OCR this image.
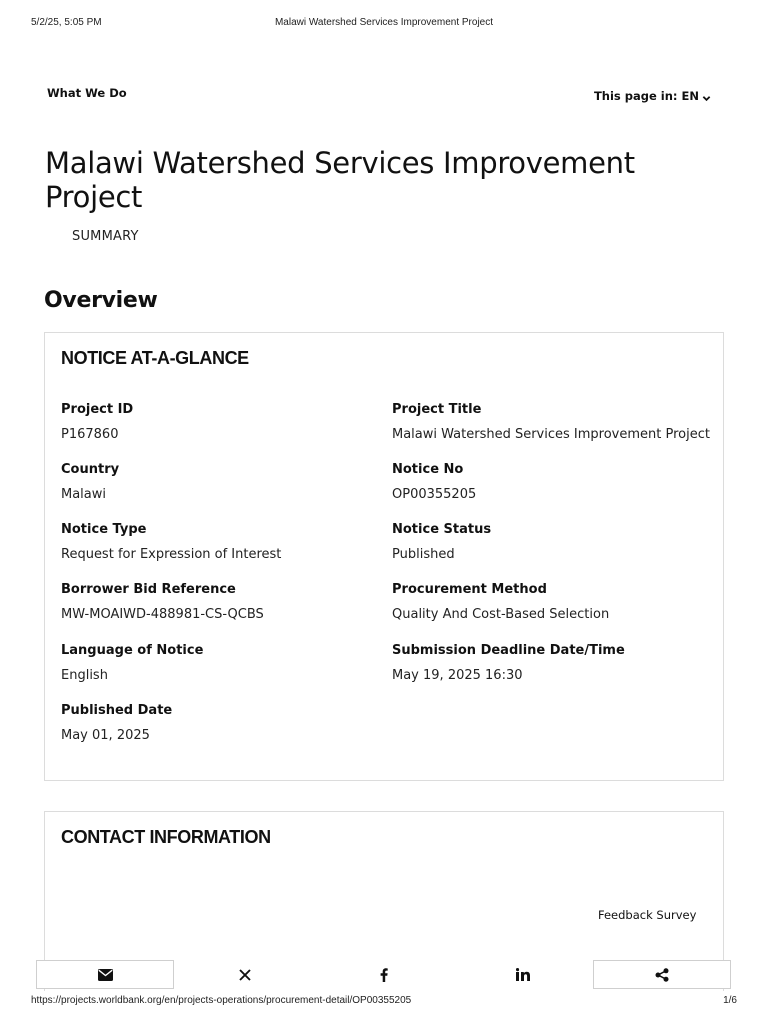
5/2/25, 5:05 PM	Malawi Watershed Services Improvement Project
What We Do	This page in: EN
Malawi Watershed Services Improvement Project
SUMMARY
Overview
NOTICE AT-A-GLANCE
Project ID
P167860
Project Title
Malawi Watershed Services Improvement Project
Country
Malawi
Notice No
OP00355205
Notice Type
Request for Expression of Interest
Notice Status
Published
Borrower Bid Reference
MW-MOAIWD-488981-CS-QCBS
Procurement Method
Quality And Cost-Based Selection
Language of Notice
English
Submission Deadline Date/Time
May 19, 2025 16:30
Published Date
May 01, 2025
CONTACT INFORMATION
Feedback Survey
https://projects.worldbank.org/en/projects-operations/procurement-detail/OP00355205	1/6
